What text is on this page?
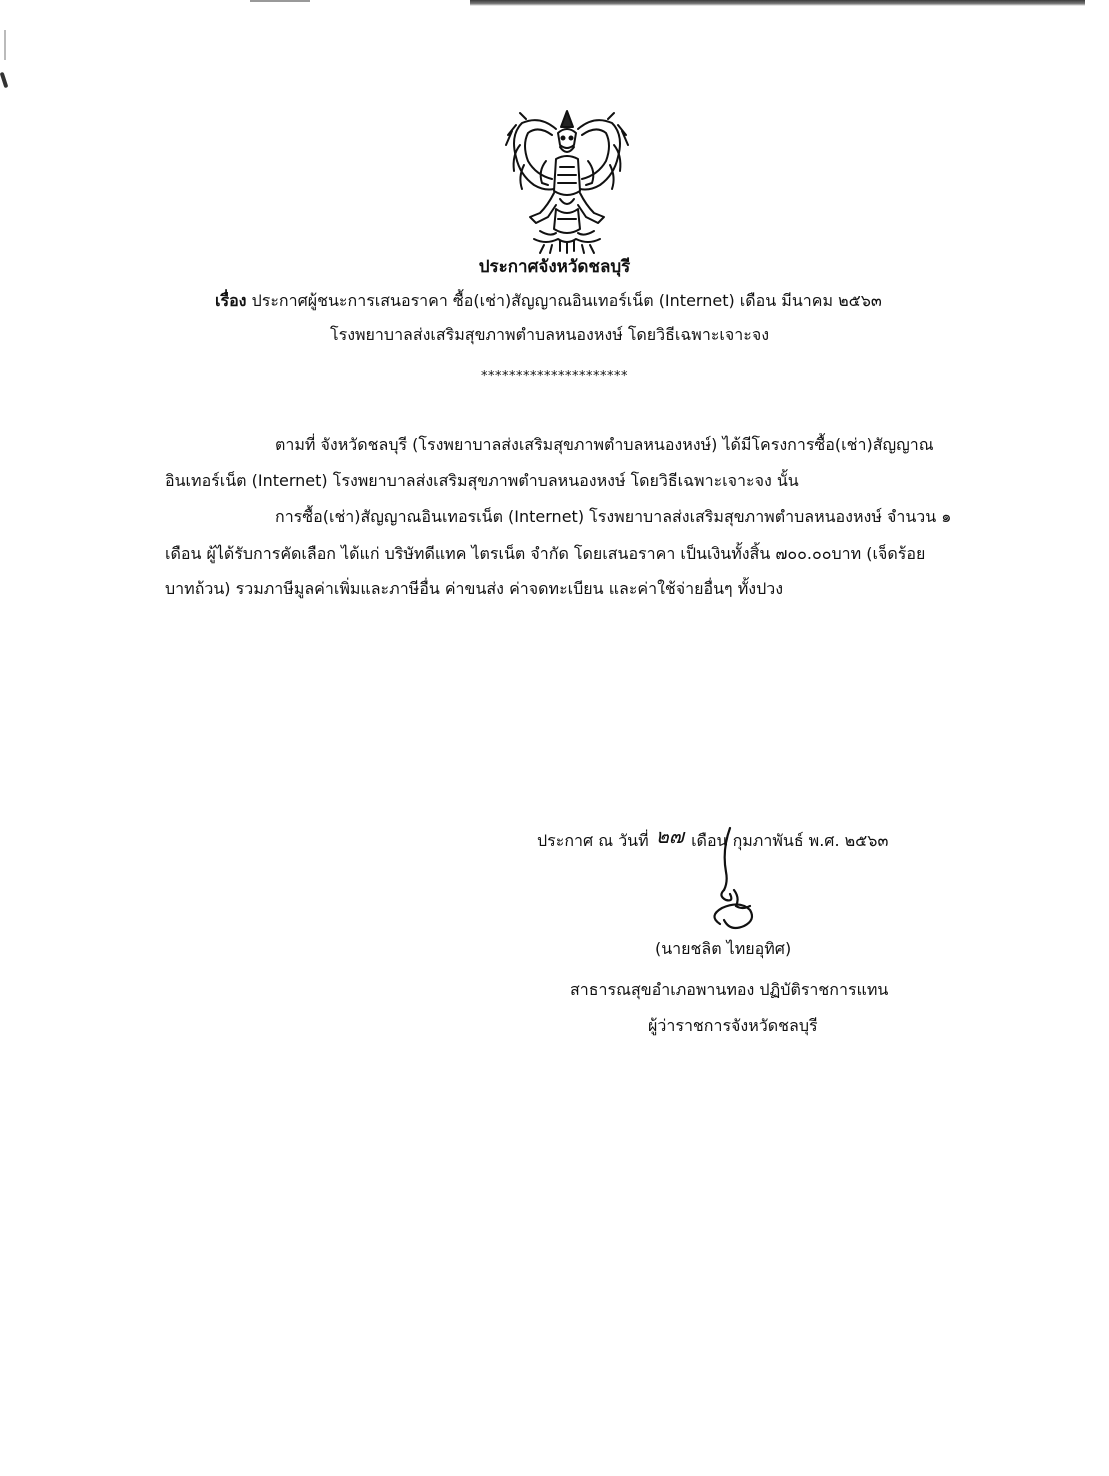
ประกาศจังหวัดชลบุรี
เรื่อง ประกาศผู้ชนะการเสนอราคา ซื้อ(เช่า)สัญญาณอินเทอร์เน็ต (Internet) เดือน มีนาคม ๒๕๖๓
โรงพยาบาลส่งเสริมสุขภาพตำบลหนองหงษ์ โดยวิธีเฉพาะเจาะจง
*********************
ตามที่ จังหวัดชลบุรี (โรงพยาบาลส่งเสริมสุขภาพตำบลหนองหงษ์) ได้มีโครงการซื้อ(เช่า)สัญญาณ
อินเทอร์เน็ต (Internet) โรงพยาบาลส่งเสริมสุขภาพตำบลหนองหงษ์ โดยวิธีเฉพาะเจาะจง นั้น
การซื้อ(เช่า)สัญญาณอินเทอรเน็ต (Internet) โรงพยาบาลส่งเสริมสุขภาพตำบลหนองหงษ์ จำนวน ๑
เดือน ผู้ได้รับการคัดเลือก ได้แก่ บริษัทดีแทค ไตรเน็ต จำกัด โดยเสนอราคา เป็นเงินทั้งสิ้น ๗๐๐.๐๐บาท (เจ็ดร้อย
บาทถ้วน) รวมภาษีมูลค่าเพิ่มและภาษีอื่น ค่าขนส่ง ค่าจดทะเบียน และค่าใช้จ่ายอื่นๆ ทั้งปวง
ประกาศ ณ วันที่ ๒๗ เดือน กุมภาพันธ์ พ.ศ. ๒๕๖๓
(นายชลิต ไทยอุทิศ)
สาธารณสุขอำเภอพานทอง ปฏิบัติราชการแทน
ผู้ว่าราชการจังหวัดชลบุรี
